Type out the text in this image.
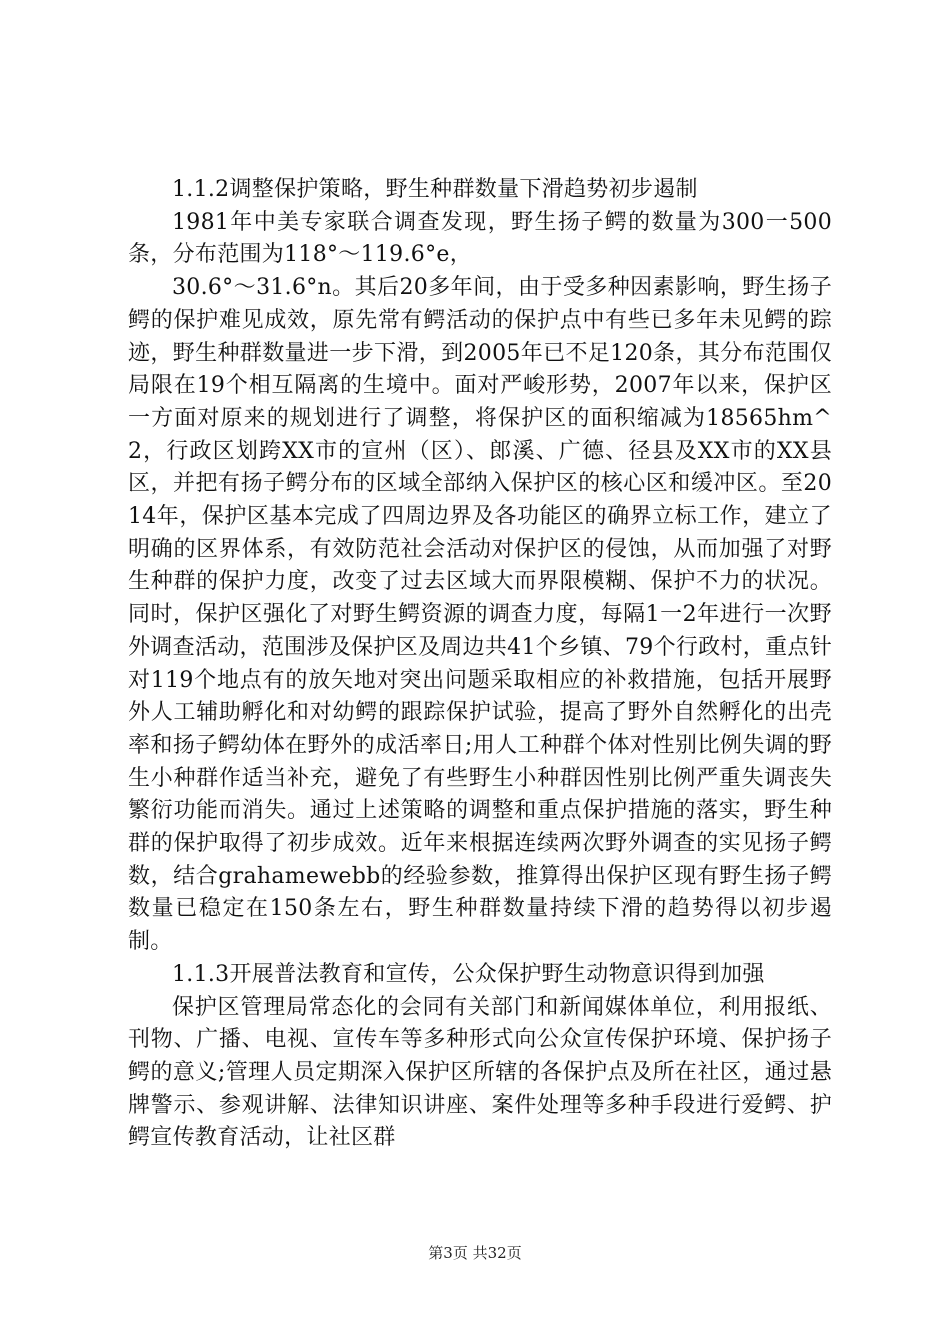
1.1.2调整保护策略，野生种群数量下滑趋势初步遏制

1981年中美专家联合调查发现，野生扬子鳄的数量为300一500条，分布范围为118°～119.6°e，

30.6°～31.6°n。其后20多年间，由于受多种因素影响，野生扬子鳄的保护难见成效，原先常有鳄活动的保护点中有些已多年未见鳄的踪迹，野生种群数量进一步下滑，到2005年已不足120条，其分布范围仅局限在19个相互隔离的生境中。面对严峻形势，2007年以来，保护区一方面对原来的规划进行了调整，将保护区的面积缩减为18565hm^2，行政区划跨XX市的宣州（区）、郎溪、广德、径县及XX市的XX县区，并把有扬子鳄分布的区域全部纳入保护区的核心区和缓冲区。至2014年，保护区基本完成了四周边界及各功能区的确界立标工作，建立了明确的区界体系，有效防范社会活动对保护区的侵蚀，从而加强了对野生种群的保护力度，改变了过去区域大而界限模糊、保护不力的状况。同时，保护区强化了对野生鳄资源的调查力度，每隔1一2年进行一次野外调查活动，范围涉及保护区及周边共41个乡镇、79个行政村，重点针对119个地点有的放矢地对突出问题采取相应的补救措施，包括开展野外人工辅助孵化和对幼鳄的跟踪保护试验，提高了野外自然孵化的出壳率和扬子鳄幼体在野外的成活率日;用人工种群个体对性别比例失调的野生小种群作适当补充，避免了有些野生小种群因性别比例严重失调丧失繁衍功能而消失。通过上述策略的调整和重点保护措施的落实，野生种群的保护取得了初步成效。近年来根据连续两次野外调查的实见扬子鳄数，结合grahamewebb的经验参数，推算得出保护区现有野生扬子鳄数量已稳定在150条左右，野生种群数量持续下滑的趋势得以初步遏制。

1.1.3开展普法教育和宣传，公众保护野生动物意识得到加强

保护区管理局常态化的会同有关部门和新闻媒体单位，利用报纸、刊物、广播、电视、宣传车等多种形式向公众宣传保护环境、保护扬子鳄的意义;管理人员定期深入保护区所辖的各保护点及所在社区，通过悬牌警示、参观讲解、法律知识讲座、案件处理等多种手段进行爱鳄、护鳄宣传教育活动，让社区群

第3页 共32页
